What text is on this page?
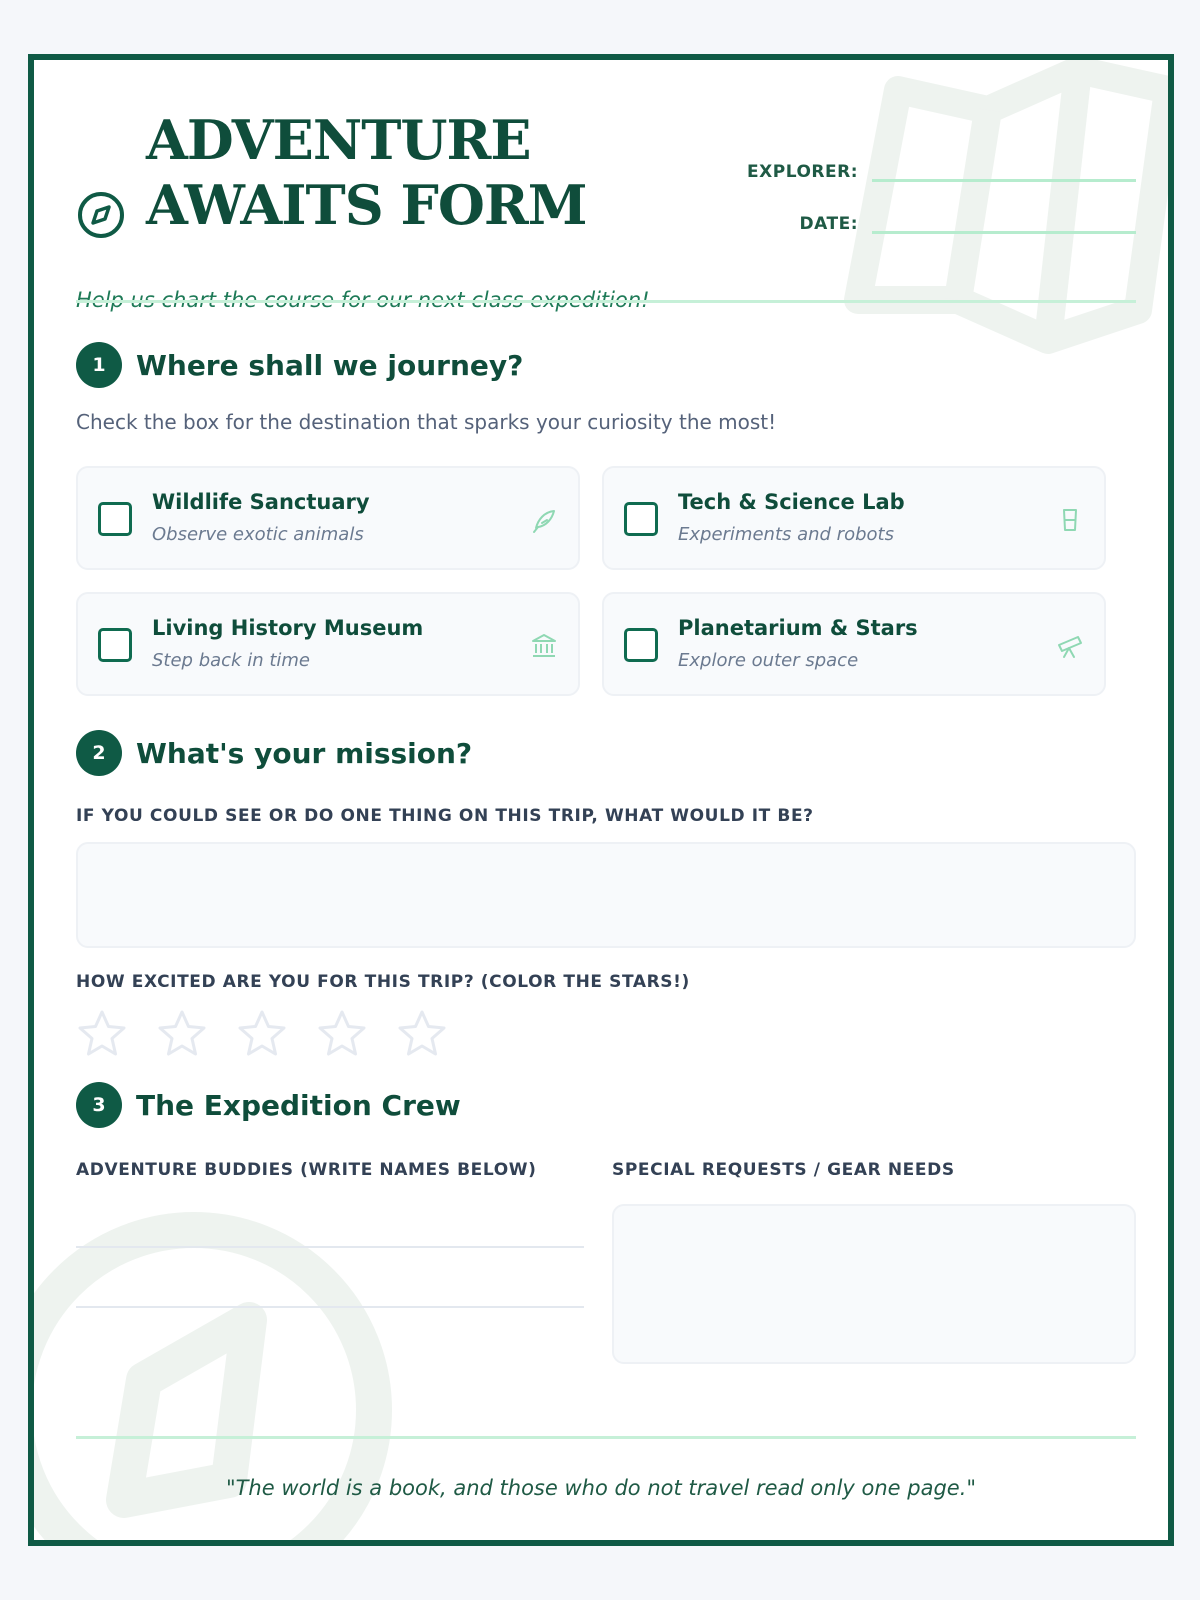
ADVENTURE
AWAITS FORM
Help us chart the course for our next class expedition!
EXPLORER:
DATE:
1	Where shall we journey?
Check the box for the destination that sparks your curiosity the most!
Wildlife Sanctuary
Observe exotic animals
Tech & Science Lab
Experiments and robots
Living History Museum
Step back in time
Planetarium & Stars
Explore outer space
2	What's your mission?
IF YOU COULD SEE OR DO ONE THING ON THIS TRIP, WHAT WOULD IT BE?
HOW EXCITED ARE YOU FOR THIS TRIP? (COLOR THE STARS!)
3	The Expedition Crew
ADVENTURE BUDDIES (WRITE NAMES BELOW)	SPECIAL REQUESTS / GEAR NEEDS
"The world is a book, and those who do not travel read only one page."
